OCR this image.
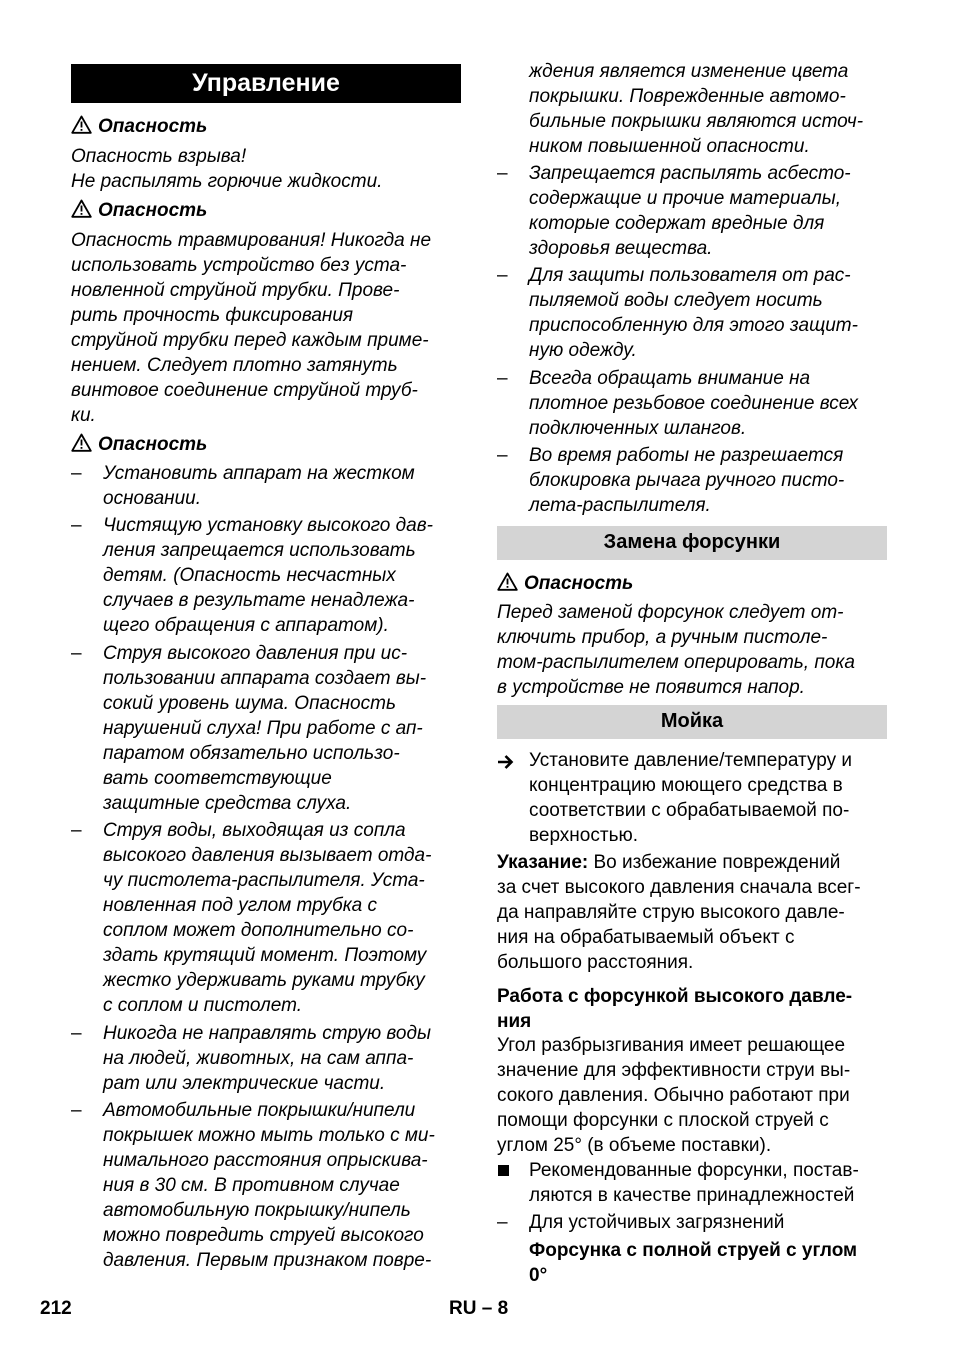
Управление
Опасность

Опасность взрыва!

Не распылять горючие жидкости.

Опасность

Опасность травмирования! Никогда не

использовать устройство без уста-

новленной струйной трубки. Прове-

рить прочность фиксирования

струйной трубки перед каждым приме-

нением. Следует плотно затянуть

винтовое соединение струйной труб-

ки.

Опасность
–	Установить аппарат на жестком

основании.

–	Чистящую установку высокого дав-

ления запрещается использовать

детям. (Опасность несчастных

случаев в результате ненадлежа-

щего обращения с аппаратом).

–	Струя высокого давления при ис-

пользовании аппарата создает вы-

сокий уровень шума. Опасность

нарушений слуха! При работе с ап-

паратом обязательно использо-

вать соответствующие

защитные средства слуха.

–	Струя воды, выходящая из сопла

высокого давления вызывает отда-

чу пистолета-распылителя. Уста-

новленная под углом трубка с

соплом может дополнительно со-

здать крутящий момент. Поэтому

жестко удерживать руками трубку

с соплом и пистолет.

–	Никогда не направлять струю воды

на людей, животных, на сам аппа-

рат или электрические части.

–	Автомобильные покрышки/нипели

покрышек можно мыть только с ми-

нимального расстояния опрыскива-

ния в 30 см. В противном случае

автомобильную покрышку/нипель

можно повредить струей высокого

давления. Первым признаком повре-

ждения является изменение цвета

покрышки. Поврежденные автомо-

бильные покрышки являются источ-

ником повышенной опасности.

–	Запрещается распылять асбесто-

содержащие и прочие материалы,

которые содержат вредные для

здоровья вещества.

–	Для защиты пользователя от рас-

пыляемой воды следует носить

приспособленную для этого защит-

ную одежду.

–	Всегда обращать внимание на

плотное резьбовое соединение всех

подключенных шлангов.

–	Во время работы не разрешается

блокировка рычага ручного писто-

лета-распылителя.

Замена форсунки
Опасность

Перед заменой форсунок следует от-

ключить прибор, а ручным пистоле-

том-распылителем оперировать, пока

в устройстве не появится напор.

Мойка

Установите давление/температуру и

концентрацию моющего средства в

соответствии с обрабатываемой по-

верхностью.

Указание: Во избежание повреждений

за счет высокого давления сначала всег-

да направляйте струю высокого давле-

ния на обрабатываемый объект с

большого расстояния.

Работа с форсункой высокого давле-

ния

Угол разбрызгивания имеет решающее

значение для эффективности струи вы-

сокого давления. Обычно работают при

помощи форсунки с плоской струей с

углом 25° (в объеме поставки).

Рекомендованные форсунки, постав-

ляются в качестве принадлежностей

–	Для устойчивых загрязнений

Форсунка с полной струей с углом

0°

212	RU – 8
